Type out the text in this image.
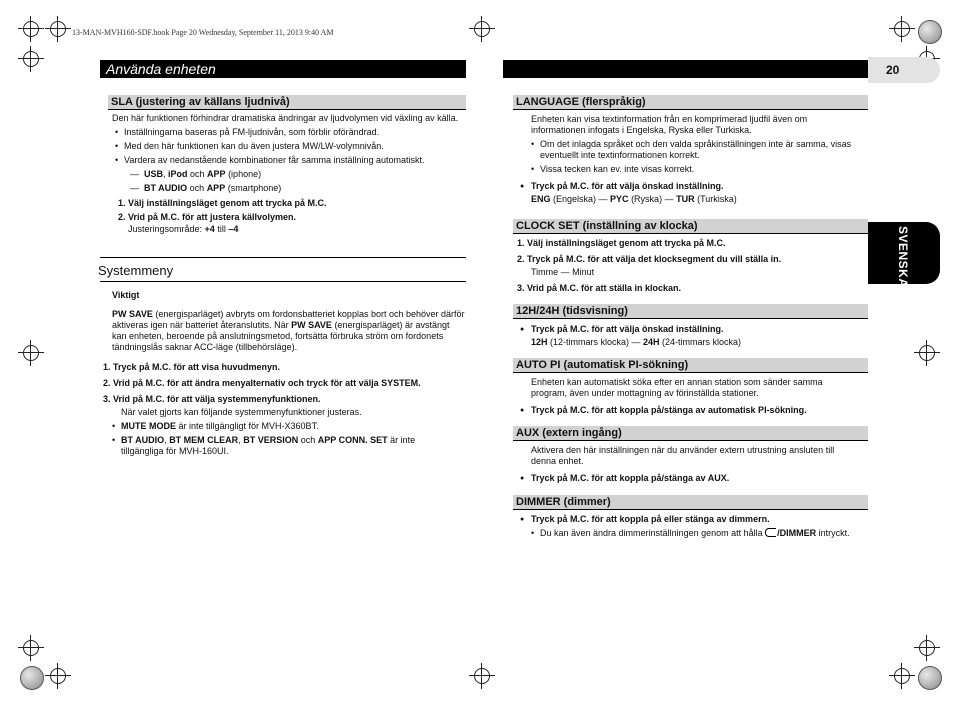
13-MAN-MVH160-SDF.book Page 20 Wednesday, September 11, 2013 9:40 AM
Använda enheten	20
SVENSKA
SLA (justering av källans ljudnivå)
Den här funktionen förhindrar dramatiska ändringar av ljudvolymen vid växling av källa.
• Inställningarna baseras på FM-ljudnivån, som förblir oförändrad.
• Med den här funktionen kan du även justera MW/LW-volymnivån.
• Vardera av nedanstående kombinationer får samma inställning automatiskt.
— USB, iPod och APP (iphone)
— BT AUDIO och APP (smartphone)
1. Välj inställningsläget genom att trycka på M.C.
2. Vrid på M.C. för att justera källvolymen.
Justeringsområde: +4 till –4
Systemmeny
Viktigt
PW SAVE (energisparläget) avbryts om fordonsbatteriet kopplas bort och behöver därför aktiveras igen när batteriet återanslutits. När PW SAVE (energisparläget) är avstängt kan enheten, beroende på anslutningsmetod, fortsätta förbruka ström om fordonets tändningslås saknar ACC-läge (tillbehörsläge).
1. Tryck på M.C. för att visa huvudmenyn.
2. Vrid på M.C. för att ändra menyalternativ och tryck för att välja SYSTEM.
3. Vrid på M.C. för att välja systemmenyfunktionen.
När valet gjorts kan följande systemmenyfunktioner justeras.
• MUTE MODE är inte tillgängligt för MVH-X360BT.
• BT AUDIO, BT MEM CLEAR, BT VERSION och APP CONN. SET är inte tillgängliga för MVH-160UI.
LANGUAGE (flerspråkig)
Enheten kan visa textinformation från en komprimerad ljudfil även om informationen infogats i Engelska, Ryska eller Turkiska.
• Om det inlagda språket och den valda språkinställningen inte är samma, visas eventuellt inte textinformationen korrekt.
• Vissa tecken kan ev. inte visas korrekt.
● Tryck på M.C. för att välja önskad inställning.
ENG (Engelska) — PYC (Ryska) — TUR (Turkiska)
CLOCK SET (inställning av klocka)
1. Välj inställningsläget genom att trycka på M.C.
2. Tryck på M.C. för att välja det klocksegment du vill ställa in.
Timme — Minut
3. Vrid på M.C. för att ställa in klockan.
12H/24H (tidsvisning)
● Tryck på M.C. för att välja önskad inställning.
12H (12-timmars klocka) — 24H (24-timmars klocka)
AUTO PI (automatisk PI-sökning)
Enheten kan automatiskt söka efter en annan station som sänder samma program, även under mottagning av förinställda stationer.
● Tryck på M.C. för att koppla på/stänga av automatisk PI-sökning.
AUX (extern ingång)
Aktivera den här inställningen när du använder extern utrustning ansluten till denna enhet.
● Tryck på M.C. för att koppla på/stänga av AUX.
DIMMER (dimmer)
● Tryck på M.C. för att koppla på eller stänga av dimmern.
• Du kan även ändra dimmerinställningen genom att hålla /DIMMER intryckt.
